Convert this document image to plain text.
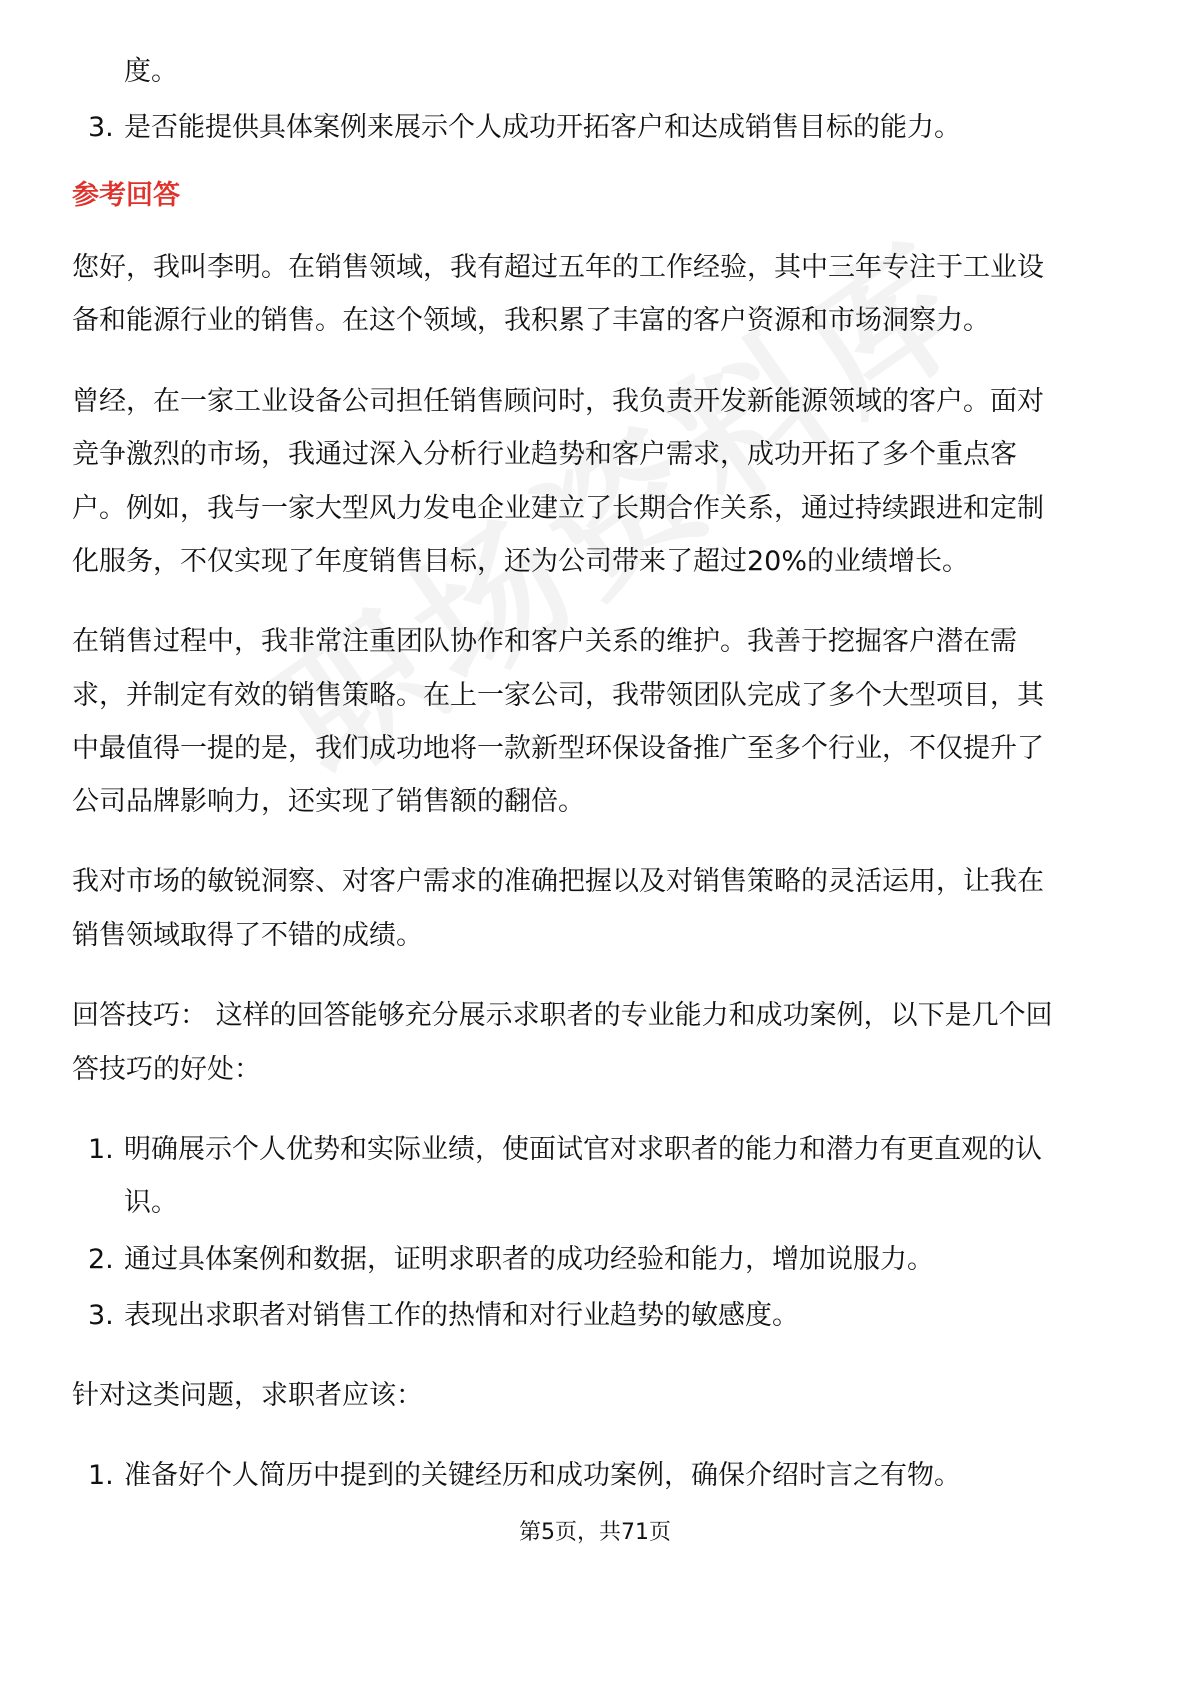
度。
3. 是否能提供具体案例来展示个人成功开拓客户和达成销售目标的能力。
参考回答
您好，我叫李明。在销售领域，我有超过五年的工作经验，其中三年专注于工业设
备和能源行业的销售。在这个领域，我积累了丰富的客户资源和市场洞察力。
曾经，在一家工业设备公司担任销售顾问时，我负责开发新能源领域的客户。面对
竞争激烈的市场，我通过深入分析行业趋势和客户需求，成功开拓了多个重点客
户。例如，我与一家大型风力发电企业建立了长期合作关系，通过持续跟进和定制
化服务，不仅实现了年度销售目标，还为公司带来了超过20%的业绩增长。
在销售过程中，我非常注重团队协作和客户关系的维护。我善于挖掘客户潜在需
求，并制定有效的销售策略。在上一家公司，我带领团队完成了多个大型项目，其
中最值得一提的是，我们成功地将一款新型环保设备推广至多个行业，不仅提升了
公司品牌影响力，还实现了销售额的翻倍。
我对市场的敏锐洞察、对客户需求的准确把握以及对销售策略的灵活运用，让我在
销售领域取得了不错的成绩。
回答技巧： 这样的回答能够充分展示求职者的专业能力和成功案例，以下是几个回
答技巧的好处：
1. 明确展示个人优势和实际业绩，使面试官对求职者的能力和潜力有更直观的认
识。
2. 通过具体案例和数据，证明求职者的成功经验和能力，增加说服力。
3. 表现出求职者对销售工作的热情和对行业趋势的敏感度。
针对这类问题，求职者应该：
1. 准备好个人简历中提到的关键经历和成功案例，确保介绍时言之有物。
第5页，共71页
